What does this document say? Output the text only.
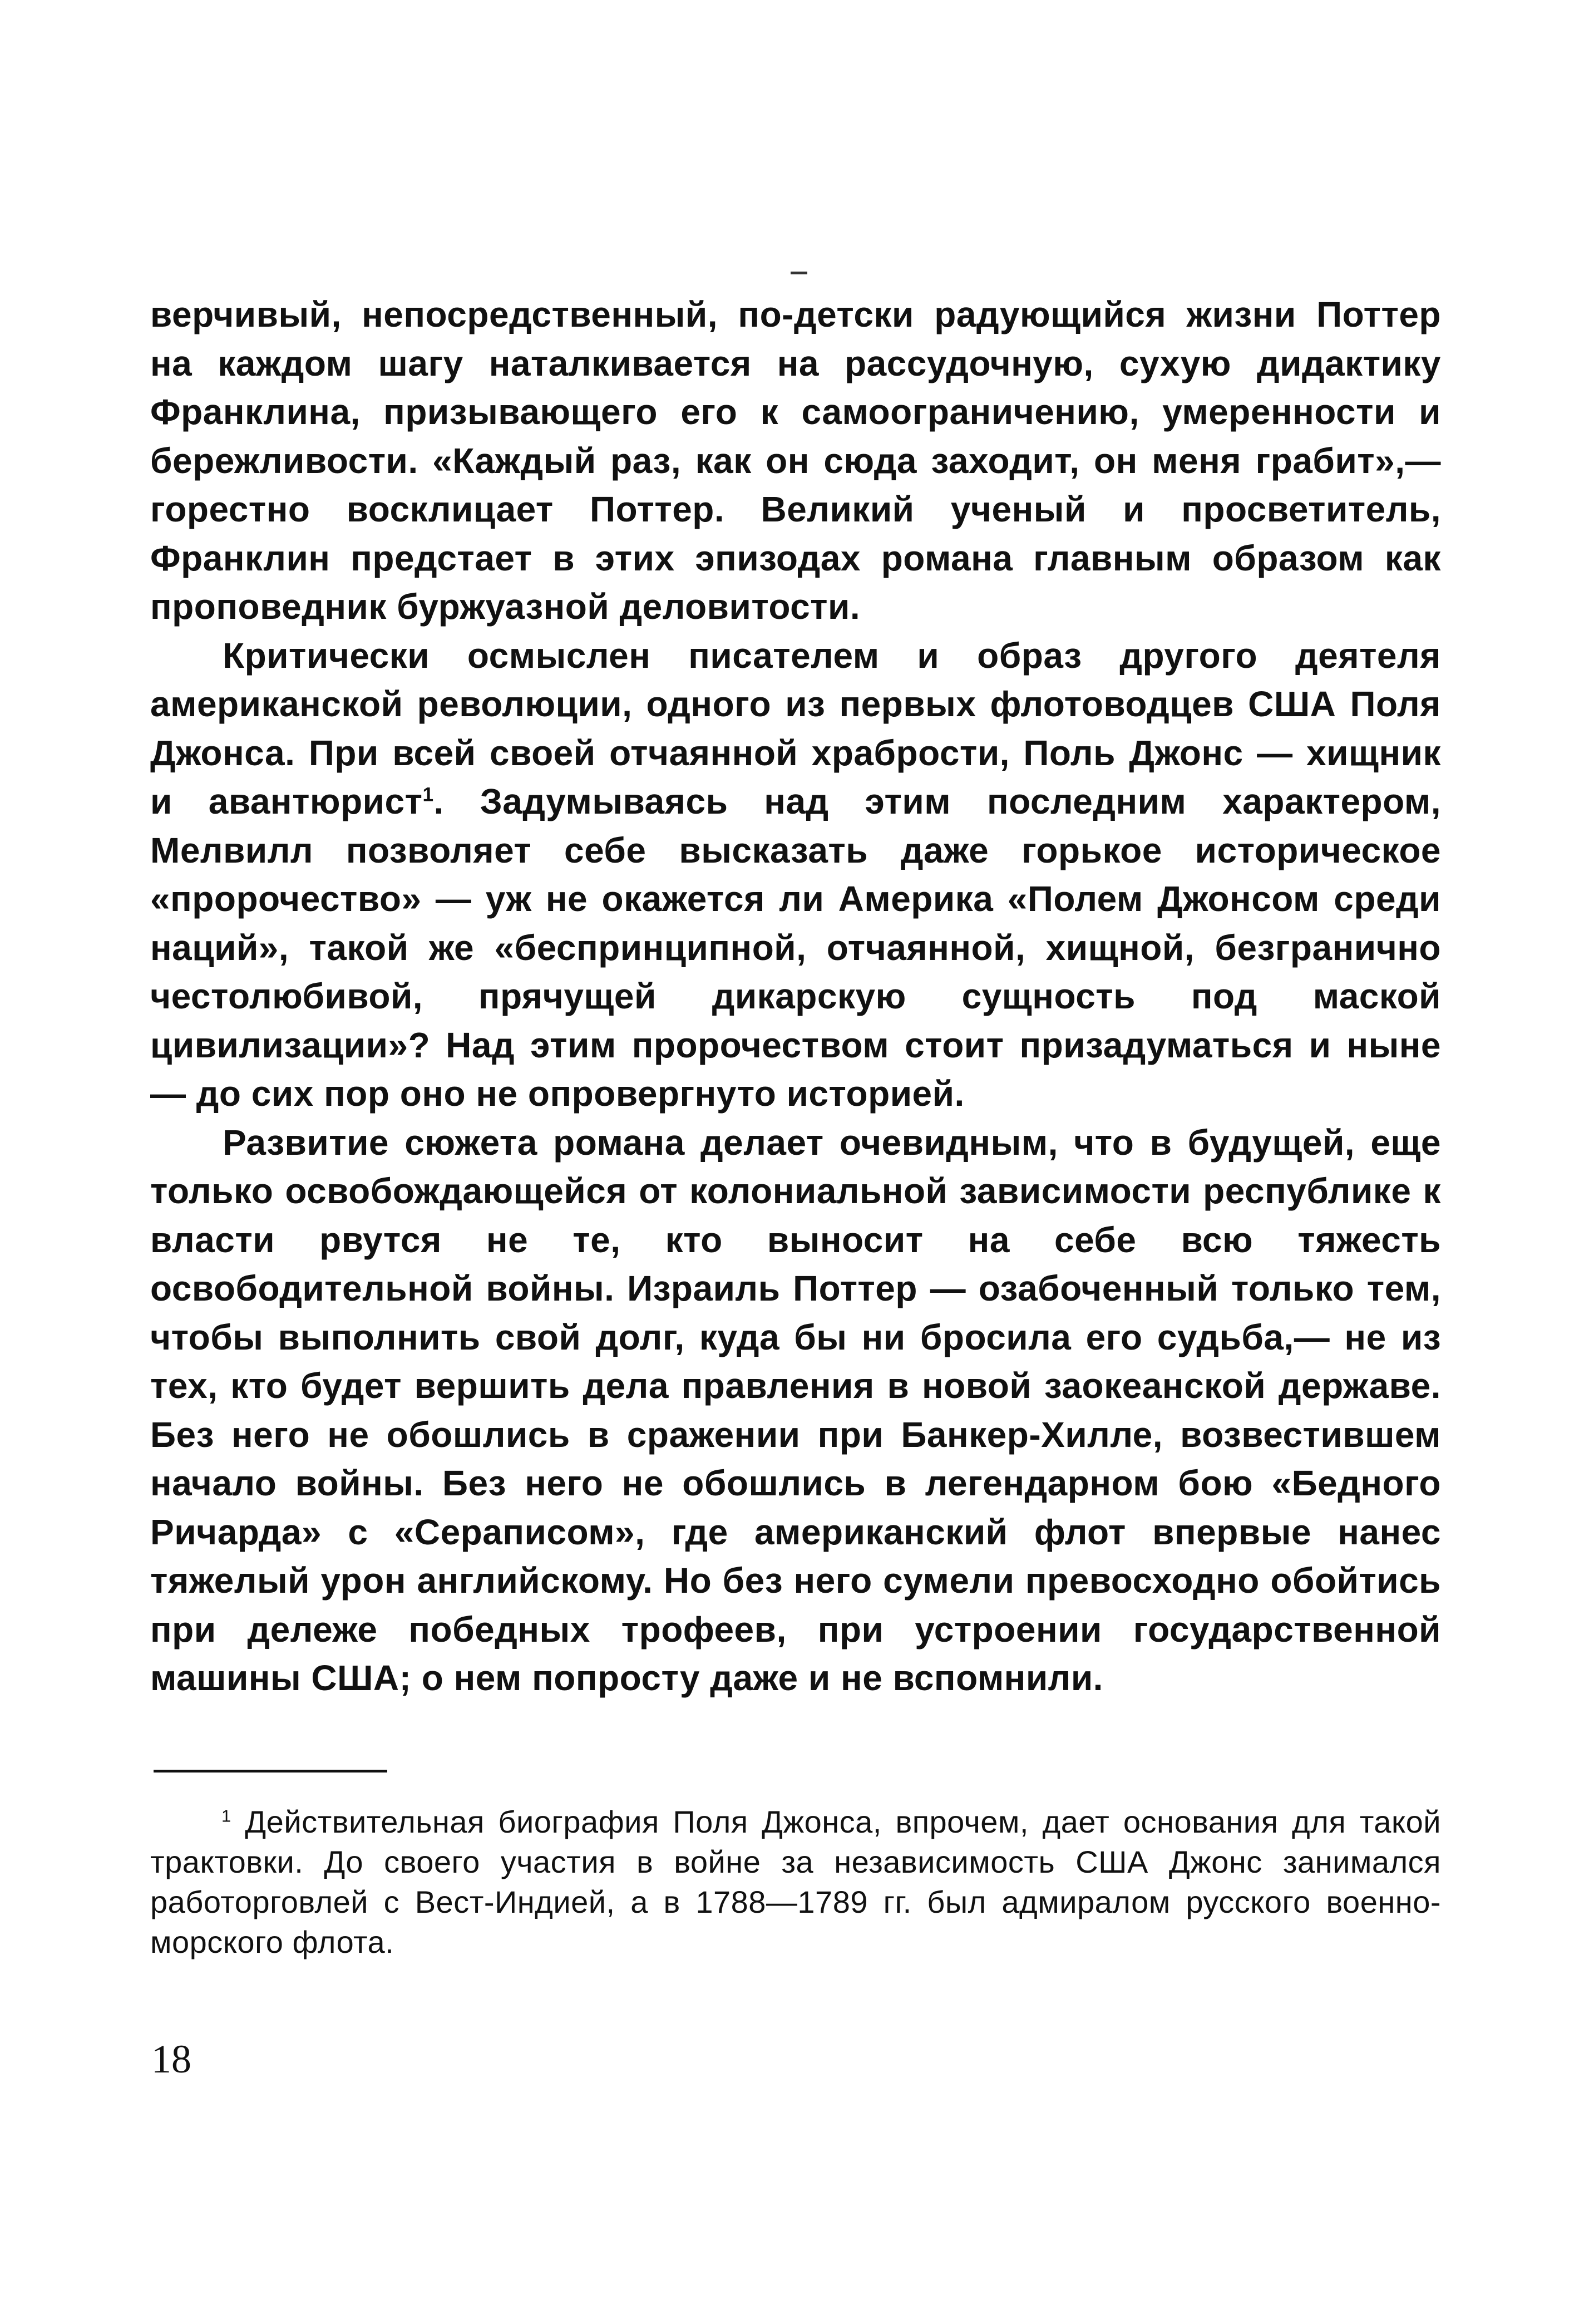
верчивый, непосредственный, по-детски радующийся жизни Поттер на каждом шагу наталкивается на рассудочную, сухую дидактику Франклина, призывающего его к самоограничению, умеренности и бережливости. «Каждый раз, как он сюда заходит, он меня грабит»,— горестно восклицает Поттер. Великий ученый и просветитель, Франклин предстает в этих эпизодах романа главным образом как проповедник буржуазной деловитости.

Критически осмыслен писателем и образ другого деятеля американской революции, одного из первых флотоводцев США Поля Джонса. При всей своей отчаянной храбрости, Поль Джонс — хищник и авантюрист$^1$. Задумываясь над этим последним характером, Мелвилл позволяет себе высказать даже горькое историческое «пророчество» — уж не окажется ли Америка «Полем Джонсом среди наций», такой же «беспринципной, отчаянной, хищной, безгранично честолюбивой, прячущей дикарскую сущность под маской цивилизации»? Над этим пророчеством стоит призадуматься и ныне — до сих пор оно не опровергнуто историей.

Развитие сюжета романа делает очевидным, что в будущей, еще только освобождающейся от колониальной зависимости республике к власти рвутся не те, кто выносит на себе всю тяжесть освободительной войны. Израиль Поттер — озабоченный только тем, чтобы выполнить свой долг, куда бы ни бросила его судьба,— не из тех, кто будет вершить дела правления в новой заокеанской державе. Без него не обошлись в сражении при Банкер-Хилле, возвестившем начало войны. Без него не обошлись в легендарном бою «Бедного Ричарда» с «Сераписом», где американский флот впервые нанес тяжелый урон английскому. Но без него сумели превосходно обойтись при дележе победных трофеев, при устроении государственной машины США; о нем попросту даже и не вспомнили.

$^1$ Действительная биография Поля Джонса, впрочем, дает основания для такой трактовки. До своего участия в войне за независимость США Джонс занимался работорговлей с Вест-Индией, а в 1788—1789 гг. был адмиралом русского военно-морского флота.
18
